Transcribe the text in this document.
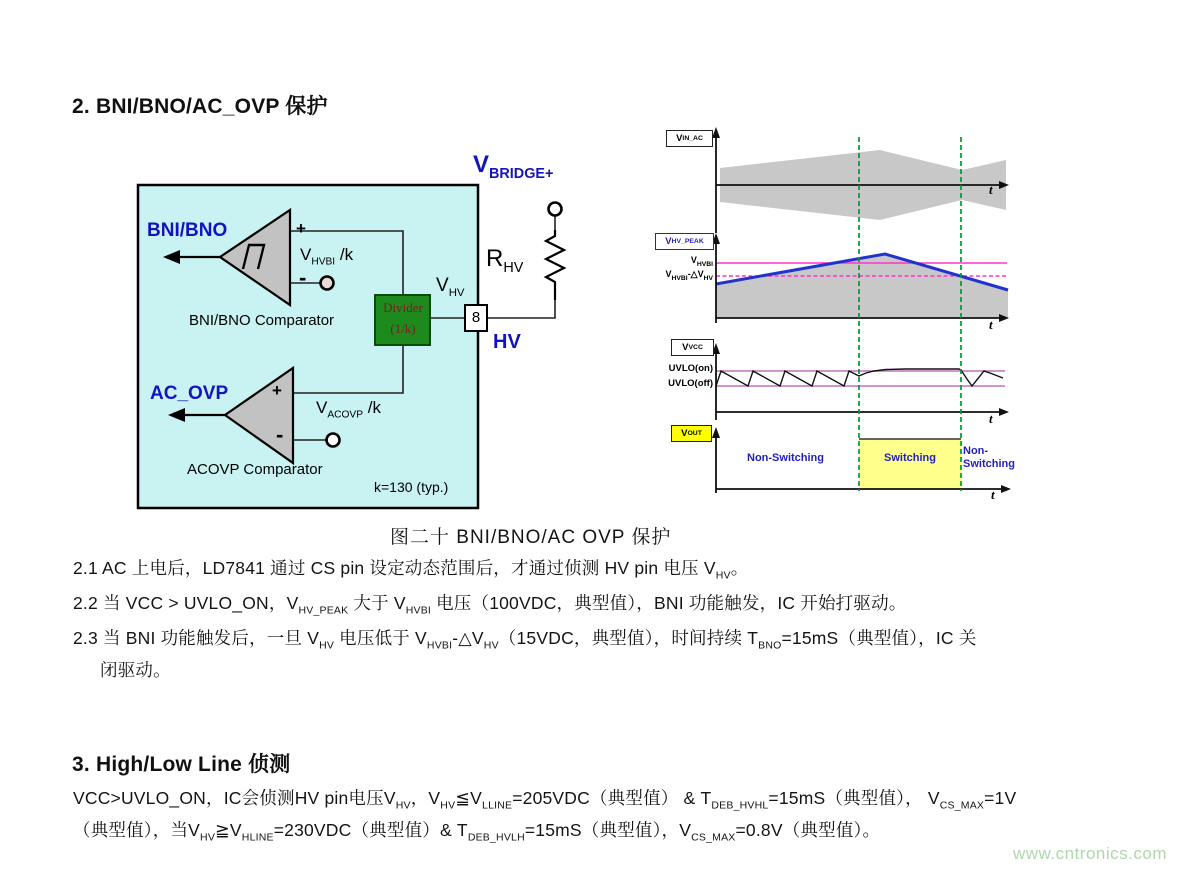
2. BNI/BNO/AC_OVP 保护
BNI/BNO	+
-
$V_{HVBI}$ /k
BNI/BNO Comparator
Divider
(1/k)
$V_{HV}$
8
HV
$R_{HV}$
$V_{BRIDGE+}$
k=130 (typ.)
AC_OVP	+
-
$V_{ACOVP}$ /k
ACOVP Comparator
V IN_AC
V HV_PEAK
V VCC
V OUT
$V_{HVBI}$
$V_{HVBI}-\triangle V_{HV}$
UVLO(on)
UVLO(off)
t
t
t
t
Non-Switching	Switching
Non-
Switching
图二十 BNI/BNO/AC OVP 保护
2.1 AC 上电后，LD7841 通过 CS pin 设定动态范围后，才通过侦测 HV pin 电压 $V_{HV}$。
2.2 当 VCC > UVLO_ON，$V_{HV\_PEAK}$ 大于 $V_{HVBI}$ 电压（100VDC，典型值），BNI 功能触发，IC 开始打驱动。
2.3 当 BNI 功能触发后，一旦 $V_{HV}$ 电压低于 $V_{HVBI}-\triangle V_{HV}(15VDC$，典型值），时间持续 $T_{BNO}=15mS$（典型值），IC 关
闭驱动。
3. High/Low Line 侦测
VCC>UVLO_ON，IC会侦测HV pin电压$V_{HV}$，$V_{HV}≦V_{LLINE}=205VDC$（典型值） & $T_{DEB\_HVHL}=15mS$（典型值）， $V_{CS\_MAX}=1V$
（典型值），当$V_{HV}≧V_{HLINE}=230VDC$（典型值）& $T_{DEB\_HVLH}=15mS$（典型值），$V_{CS\_MAX}=0.8V$（典型值）。
www.cntronics.com
